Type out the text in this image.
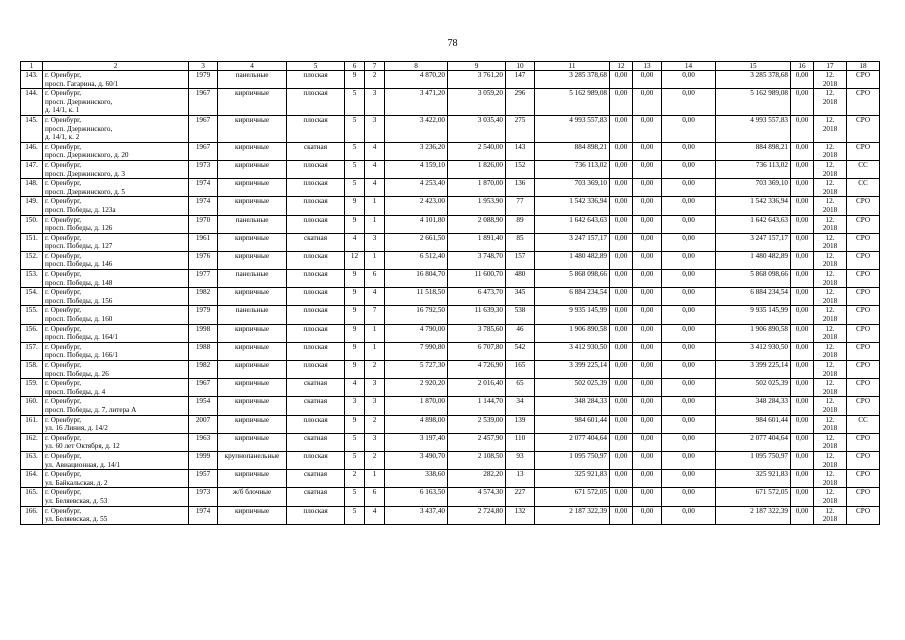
78
1	2	3	4	5	6	7	8	9	10	11	12	13	14	15	16	17	18
143.	г. Оренбург,
просп. Гагарина, д. 60/1	1979	панельные	плоская	9	2	4 870,20	3 761,20	147	3 285 378,68	0,00	0,00	0,00	3 285 378,68	0,00	12.
2018	СРО
144.	г. Оренбург,
просп. Дзержинского,
д. 14/1, к. 1	1967	кирпичные	плоская	5	3	3 471,20	3 059,20	296	5 162 989,08	0,00	0,00	0,00	5 162 989,08	0,00	12.
2018	СРО
145.	г. Оренбург,
просп. Дзержинского,
д. 14/1, к. 2	1967	кирпичные	плоская	5	3	3 422,00	3 035,40	275	4 993 557,83	0,00	0,00	0,00	4 993 557,83	0,00	12.
2018	СРО
146.	г. Оренбург,
просп. Дзержинского, д. 20	1967	кирпичные	скатная	5	4	3 236,20	2 540,00	143	884 898,21	0,00	0,00	0,00	884 898,21	0,00	12.
2018	СРО
147.	г. Оренбург,
просп. Дзержинского, д. 3	1973	кирпичные	плоская	5	4	4 159,10	1 826,00	152	736 113,02	0,00	0,00	0,00	736 113,02	0,00	12.
2018	СС
148.	г. Оренбург,
просп. Дзержинского, д. 5	1974	кирпичные	плоская	5	4	4 253,40	1 870,00	136	703 369,10	0,00	0,00	0,00	703 369,10	0,00	12.
2018	СС
149.	г. Оренбург,
просп. Победы, д. 123а	1974	кирпичные	плоская	9	1	2 423,00	1 953,90	77	1 542 336,94	0,00	0,00	0,00	1 542 336,94	0,00	12.
2018	СРО
150.	г. Оренбург,
просп. Победы, д. 126	1970	панельные	плоская	9	1	4 101,80	2 088,90	89	1 642 643,63	0,00	0,00	0,00	1 642 643,63	0,00	12.
2018	СРО
151.	г. Оренбург,
просп. Победы, д. 127	1961	кирпичные	скатная	4	3	2 661,50	1 891,40	85	3 247 157,17	0,00	0,00	0,00	3 247 157,17	0,00	12.
2018	СРО
152.	г. Оренбург,
просп. Победы, д. 146	1976	кирпичные	плоская	12	1	6 512,40	3 748,70	157	1 480 482,89	0,00	0,00	0,00	1 480 482,89	0,00	12.
2018	СРО
153.	г. Оренбург,
просп. Победы, д. 148	1977	панельные	плоская	9	6	16 804,70	11 600,70	480	5 868 098,66	0,00	0,00	0,00	5 868 098,66	0,00	12.
2018	СРО
154.	г. Оренбург,
просп. Победы, д. 156	1982	кирпичные	плоская	9	4	11 518,50	6 473,70	345	6 884 234,54	0,00	0,00	0,00	6 884 234,54	0,00	12.
2018	СРО
155.	г. Оренбург,
просп. Победы, д. 160	1979	панельные	плоская	9	7	16 792,50	11 639,30	538	9 935 145,99	0,00	0,00	0,00	9 935 145,99	0,00	12.
2018	СРО
156.	г. Оренбург,
просп. Победы, д. 164/1	1998	кирпичные	плоская	9	1	4 790,00	3 785,60	46	1 906 890,58	0,00	0,00	0,00	1 906 890,58	0,00	12.
2018	СРО
157.	г. Оренбург,
просп. Победы, д. 166/1	1988	кирпичные	плоская	9	1	7 990,80	6 707,80	542	3 412 930,50	0,00	0,00	0,00	3 412 930,50	0,00	12.
2018	СРО
158.	г. Оренбург,
просп. Победы, д. 26	1982	кирпичные	плоская	9	2	5 727,30	4 726,90	165	3 399 225,14	0,00	0,00	0,00	3 399 225,14	0,00	12.
2018	СРО
159.	г. Оренбург,
просп. Победы, д. 4	1967	кирпичные	скатная	4	3	2 920,20	2 016,40	65	502 025,39	0,00	0,00	0,00	502 025,39	0,00	12.
2018	СРО
160.	г. Оренбург,
просп. Победы, д. 7, литера А	1954	кирпичные	скатная	3	3	1 870,00	1 144,70	34	348 284,33	0,00	0,00	0,00	348 284,33	0,00	12.
2018	СРО
161.	г. Оренбург,
ул. 16 Линия, д. 14/2	2007	кирпичные	плоская	9	2	4 898,00	2 539,00	139	984 601,44	0,00	0,00	0,00	984 601,44	0,00	12.
2018	СС
162.	г. Оренбург,
ул. 60 лет Октября, д. 12	1963	кирпичные	скатная	5	3	3 197,40	2 457,90	110	2 077 404,64	0,00	0,00	0,00	2 077 404,64	0,00	12.
2018	СРО
163.	г. Оренбург,
ул. Авиационная, д. 14/1	1999	крупнопанельные	плоская	5	2	3 490,70	2 108,50	93	1 095 750,97	0,00	0,00	0,00	1 095 750,97	0,00	12.
2018	СРО
164.	г. Оренбург,
ул. Байкальская, д. 2	1957	кирпичные	скатная	2	1	338,60	282,20	13	325 921,83	0,00	0,00	0,00	325 921,83	0,00	12.
2018	СРО
165.	г. Оренбург,
ул. Беляевская, д. 53	1973	ж/б блочные	скатная	5	6	6 163,50	4 574,30	227	671 572,05	0,00	0,00	0,00	671 572,05	0,00	12.
2018	СРО
166.	г. Оренбург,
ул. Беляевская, д. 55	1974	кирпичные	плоская	5	4	3 437,40	2 724,80	132	2 187 322,39	0,00	0,00	0,00	2 187 322,39	0,00	12.
2018	СРО
